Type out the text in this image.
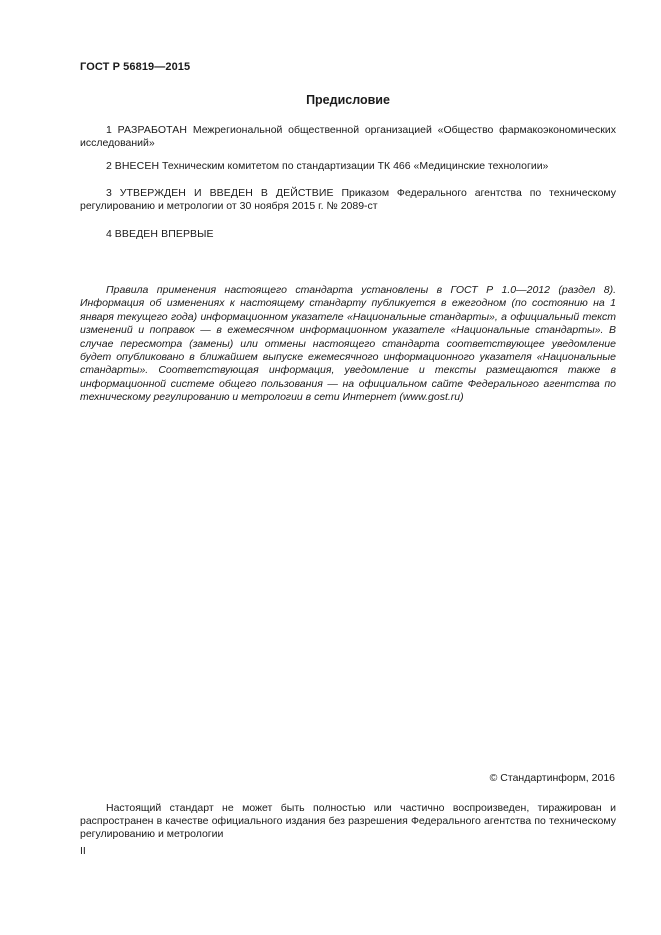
ГОСТ Р 56819—2015
Предисловие
1 РАЗРАБОТАН Межрегиональной общественной организацией «Общество фармакоэкономических исследований»
2 ВНЕСЕН Техническим комитетом по стандартизации ТК 466 «Медицинские технологии»
3 УТВЕРЖДЕН И ВВЕДЕН В ДЕЙСТВИЕ Приказом Федерального агентства по техническому регулированию и метрологии от 30 ноября 2015 г. № 2089-ст
4 ВВЕДЕН ВПЕРВЫЕ
Правила применения настоящего стандарта установлены в ГОСТ Р 1.0—2012 (раздел 8). Информация об изменениях к настоящему стандарту публикуется в ежегодном (по состоянию на 1 января текущего года) информационном указателе «Национальные стандарты», а официальный текст изменений и поправок — в ежемесячном информационном указателе «Национальные стандарты». В случае пересмотра (замены) или отмены настоящего стандарта соответствующее уведомление будет опубликовано в ближайшем выпуске ежемесячного информационного указателя «Национальные стандарты». Соответствующая информация, уведомление и тексты размещаются также в информационной системе общего пользования — на официальном сайте Федерального агентства по техническому регулированию и метрологии в сети Интернет (www.gost.ru)
© Стандартинформ, 2016
Настоящий стандарт не может быть полностью или частично воспроизведен, тиражирован и распространен в качестве официального издания без разрешения Федерального агентства по техническому регулированию и метрологии
II
